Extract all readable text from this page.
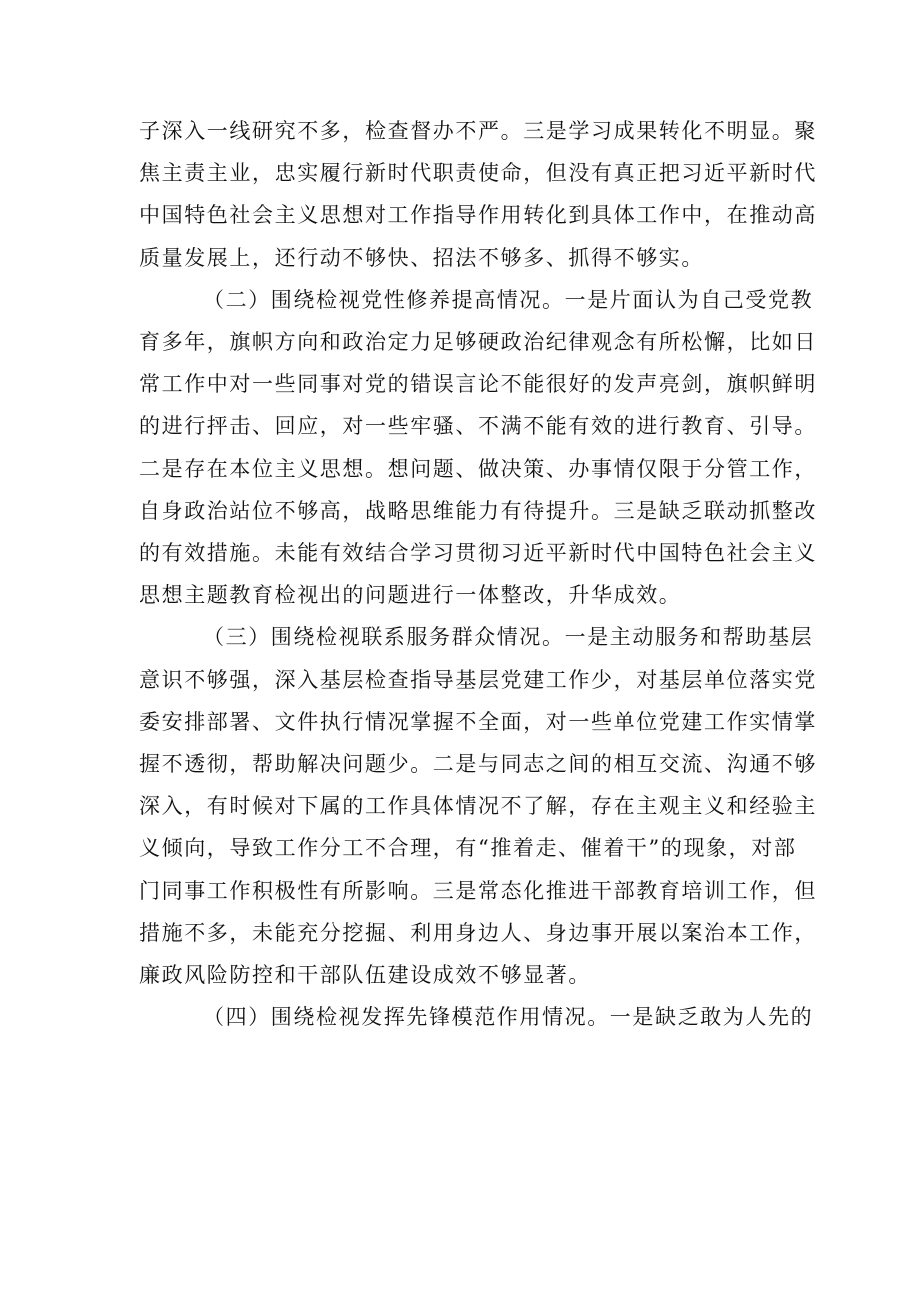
子深入一线研究不多，检查督办不严。三是学习成果转化不明显。聚
焦主责主业，忠实履行新时代职责使命，但没有真正把习近平新时代
中国特色社会主义思想对工作指导作用转化到具体工作中，在推动高
质量发展上，还行动不够快、招法不够多、抓得不够实。
（二）围绕检视党性修养提高情况。一是片面认为自己受党教
育多年，旗帜方向和政治定力足够硬政治纪律观念有所松懈，比如日
常工作中对一些同事对党的错误言论不能很好的发声亮剑，旗帜鲜明
的进行抨击、回应，对一些牢骚、不满不能有效的进行教育、引导。
二是存在本位主义思想。想问题、做决策、办事情仅限于分管工作，
自身政治站位不够高，战略思维能力有待提升。三是缺乏联动抓整改
的有效措施。未能有效结合学习贯彻习近平新时代中国特色社会主义
思想主题教育检视出的问题进行一体整改，升华成效。
（三）围绕检视联系服务群众情况。一是主动服务和帮助基层
意识不够强，深入基层检查指导基层党建工作少，对基层单位落实党
委安排部署、文件执行情况掌握不全面，对一些单位党建工作实情掌
握不透彻，帮助解决问题少。二是与同志之间的相互交流、沟通不够
深入，有时候对下属的工作具体情况不了解，存在主观主义和经验主
义倾向，导致工作分工不合理，有“推着走、催着干”的现象，对部
门同事工作积极性有所影响。三是常态化推进干部教育培训工作，但
措施不多，未能充分挖掘、利用身边人、身边事开展以案治本工作，
廉政风险防控和干部队伍建设成效不够显著。
（四）围绕检视发挥先锋模范作用情况。一是缺乏敢为人先的
